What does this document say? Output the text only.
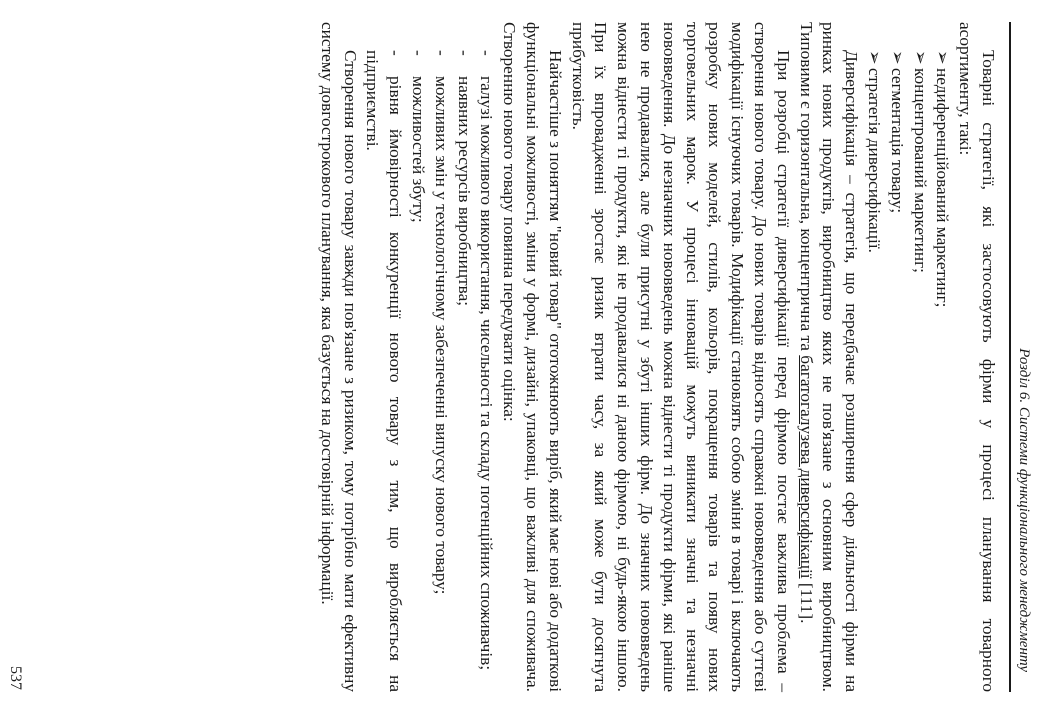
Розділ 6. Системи функціонального менеджменту

Товарні стратегії, які застосовують фірми у процесі планування товарного асортименту, такі:

➢недиференційований маркетинг;

➢концентрований маркетинг;

➢сегментація товару;

➢стратегія диверсифікації.

Диверсифікація – стратегія, що передбачає розширення сфер діяльності фірми на ринках нових продуктів, виробництво яких не пов'язане з основним виробництвом. Типовими є горизонтальна, концентрична та багатогалузева диверсифікації [111].

При розробці стратегії диверсифікації перед фірмою постає важлива проблема – створення нового товару. До нових товарів відносять справжні нововведення або суттєві модифікації існуючих товарів. Модифікації становлять собою зміни в товарі і включають розробку нових моделей, стилів, кольорів, покращення товарів та появу нових торговельних марок. У процесі інновацій можуть виникати значні та незначні нововведення. До незначних нововведень можна віднести ті продукти фірми, які раніше нею не продавалися, але були присутні у збуті інших фірм. До значних нововведень можна віднести ті продукти, які не продавалися ні даною фірмою, ні будь-якою іншою. При їх впровадженні зростає ризик втрати часу, за який може бути досягнута прибутковість.

Найчастіше з поняттям "новий товар" ототожнюють виріб, який має нові або додаткові функціональні можливості, зміни у формі, дизайні, упаковці, що важливі для споживача. Створенню нового товару повинна передувати оцінка:

-галузі можливого використання, чисельності та складу потенційних споживачів;

-наявних ресурсів виробництва;

-можливих змін у технологічному забезпеченні випуску нового товару;

-можливостей збуту;

-рівня ймовірності конкуренції нового товару з тим, що виробляється на підприємстві.

Створення нового товару завжди пов'язане з ризиком, тому потрібно мати ефективну систему довгострокового планування, яка базується на достовірній інформації.

537
